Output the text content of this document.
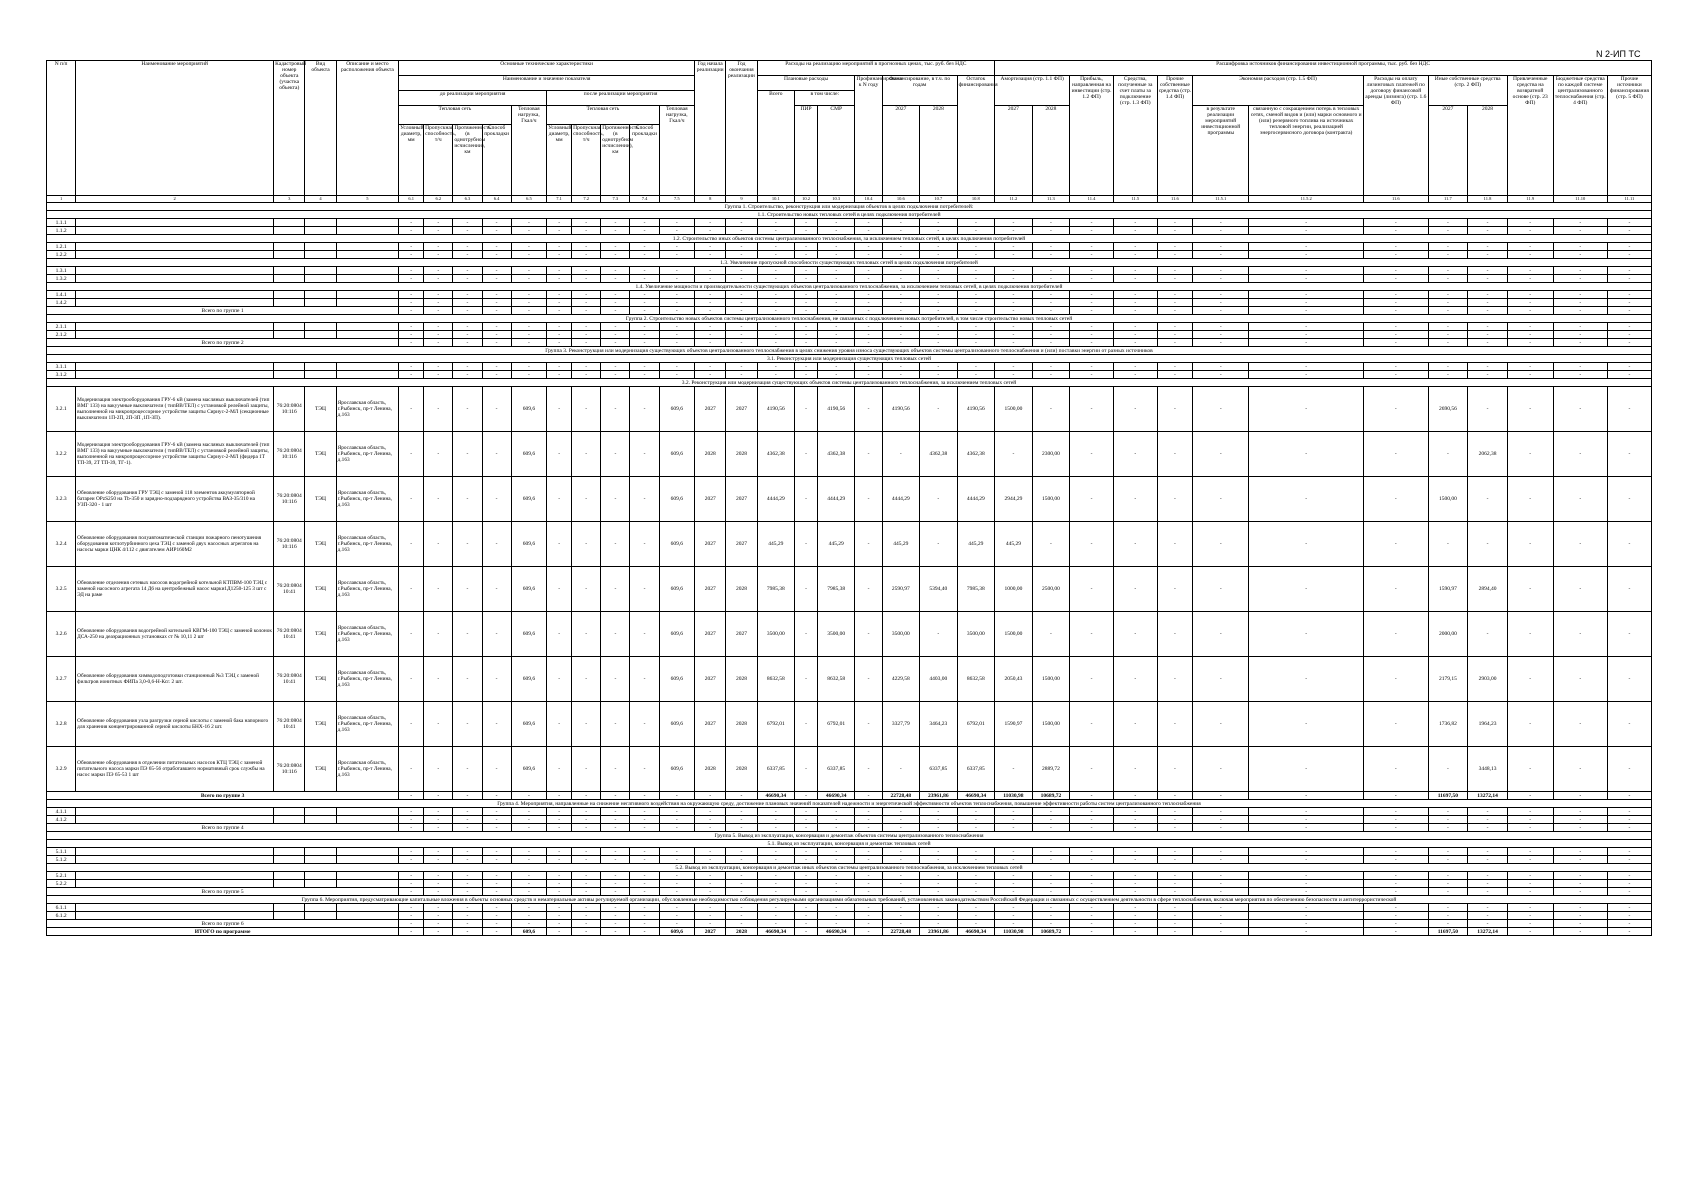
N 2-ИП ТС
N п/п	Наименование мероприятий	Кадастровый номер объекта (участка объекта)	Вид объекта	Описание и место расположения объекта	Основные технические характеристики										Год начала реализации	Год окончания реализации	Расходы на реализацию мероприятий в прогнозных ценах, тыс. руб. без НДС							Расшифровка источников финансирования инвестиционной программы, тыс. руб. без НДС												
					Наименование и значение показателя												Плановые расходы			Профинансировано к N году	Финансирование, в т.ч. по годам		Остаток финансирования	Амортизация (стр. 1.1 ФП)		Прибыль, направленная на инвестиции (стр. 1.2 ФП)	Средства, полученные за счет платы за подключение (стр. 1.3 ФП)	Прочие собственные средства (стр. 1.4 ФП)	Экономия расходов (стр. 1.5 ФП)		Расходы на оплату лизинговых платежей по договору финансовой аренды (лизинга) (стр. 1.6 ФП)	Иные собственные средства (стр. 2 ФП)		Привлеченные средства на возвратной основе (стр. 23 ФП)	Бюджетные средства по каждой системе централизованного теплоснабжения (стр. 4 ФП)	Прочие источники финансирования (стр. 5 ФП)
					до реализации мероприятия					после реализации мероприятия							Всего	в том числе:																		
					Тепловая сеть				Тепловая нагрузка, Гкал/ч	Тепловая сеть				Тепловая нагрузка, Гкал/ч				ПИР	СМР		2027	2028		2027	2028				в результате реализации мероприятий инвестиционной программы	связанную с сокращением потерь в тепловых сетях, сменой видов и (или) марки основного и (или) резервного топлива на источниках тепловой энергии, реализацией энергосервисного договора (контракта)		2027	2028			
					Условный диаметр, мм	Пропускная способность, т/ч	Протяженность (в однотрубном исчислении), км	Способ прокладки		Условный диаметр, мм	Пропускная способность, т/ч	Протяженность (в однотрубном исчислении), км	Способ прокладки																							
1	2	3	4	5	6.1	6.2	6.3	6.4	6.5	7.1	7.2	7.3	7.4	7.5	8	9	10.1	10.2	10.3	10.4	10.6	10.7	10.8	11.2	11.3	11.4	11.5	11.6	11.5.1	11.5.2	11.6	11.7	11.8	11.9	11.10	11.11
Группа 1. Строительство, реконструкция или модернизация объектов в целях подключения потребителей:																																				
1.1. Строительство новых тепловых сетей в целях подключения потребителей																																				
1.1.1					-	-	-	-	-	-	-	-	-	-	-	-	-	-	-	-	-	-	-	-	-	-	-	-	-	-	-	-	-	-	-	-
1.1.2					-	-	-	-	-	-	-	-	-	-	-	-	-	-	-	-	-	-	-	-	-	-	-	-	-	-	-	-	-	-	-	-
1.2. Строительство иных объектов системы централизованного теплоснабжения, за исключением тепловых сетей, в целях подключения потребителей																																				
1.2.1					-	-	-	-	-	-	-	-	-	-	-	-	-	-	-	-	-	-	-	-	-	-	-	-	-	-	-	-	-	-	-	-
1.2.2					-	-	-	-	-	-	-	-	-	-	-	-	-	-	-	-	-	-	-	-	-	-	-	-	-	-	-	-	-	-	-	-
1.3. Увеличение пропускной способности существующих тепловых сетей в целях подключения потребителей																																				
1.3.1					-	-	-	-	-	-	-	-	-	-	-	-	-	-	-	-	-	-	-	-	-	-	-	-	-	-	-	-	-	-	-	-
1.3.2					-	-	-	-	-	-	-	-	-	-	-	-	-	-	-	-	-	-	-	-	-	-	-	-	-	-	-	-	-	-	-	-
1.4. Увеличение мощности и производительности существующих объектов централизованного теплоснабжения, за исключением тепловых сетей, в целях подключения потребителей																																				
1.4.1					-	-	-	-	-	-	-	-	-	-	-	-	-	-	-	-	-	-	-	-	-	-	-	-	-	-	-	-	-	-	-	-
1.4.2					-	-	-	-	-	-	-	-	-	-	-	-	-	-	-	-	-	-	-	-	-	-	-	-	-	-	-	-	-	-	-	-
Всего по группе 1					-	-	-	-	-	-	-	-	-	-	-	-	-	-	-	-	-	-	-	-	-	-	-	-	-	-	-	-	-	-	-	-
Группа 2. Строительство новых объектов системы централизованного теплоснабжения, не связанных с подключением новых потребителей, в том числе строительство новых тепловых сетей																																				
2.1.1					-	-	-	-	-	-	-	-	-	-	-	-	-	-	-	-	-	-	-	-	-	-	-	-	-	-	-	-	-	-	-	-
2.1.2					-	-	-	-	-	-	-	-	-	-	-	-	-	-	-	-	-	-	-	-	-	-	-	-	-	-	-	-	-	-	-	-
Всего по группе 2					-	-	-	-	-	-	-	-	-	-	-	-	-	-	-	-	-	-	-	-	-	-	-	-	-	-	-	-	-	-	-	-
Группа 3. Реконструкция или модернизация существующих объектов централизованного теплоснабжения в целях снижения уровня износа существующих объектов системы централизованного теплоснабжения и (или) поставки энергии от разных источников																																				
3.1. Реконструкция или модернизация существующих тепловых сетей																																				
3.1.1					-	-	-	-	-	-	-	-	-	-	-	-	-	-	-	-	-	-	-	-	-	-	-	-	-	-	-	-	-	-	-	-
3.1.2					-	-	-	-	-	-	-	-	-	-	-	-	-	-	-	-	-	-	-	-	-	-	-	-	-	-	-	-	-	-	-	-
3.2. Реконструкция или модернизация существующих объектов системы централизованного теплоснабжения, за исключением тепловых сетей																																				
3.2.1	Модернизация электрооборудования ГРУ-6 кВ (замена масляных выключателей (тип ВМГ 133) на вакуумные выключатели ( типВВ/ТЕЛ) с установкой релейной защиты, выполненной на микропроцессорное устройстве защиты Сириус-2-МЛ (секционные выключатели 1П-2П, 2П-3П ,1П-3П).	76:20:0804 10:116	ТЭЦ	Ярославская область, г.Рыбинск, пр-т Ленина, д.163	-	-	-	-	609,6	-	-	-	-	609,6	2027	2027	4190,56	-	4190,56	-	4190,56	-	4190,56	1500,00	-	-	-	-	-	-	-	2690,56	-	-	-	-
3.2.2	Модернизация электрооборудования ГРУ-6 кВ (замена масляных выключателей (тип ВМГ 133) на вакуумные выключатели ( типВВ/ТЕЛ) с установкой релейной защиты, выполненной на микропроцессорное устройстве защиты Сириус-2-МЛ (фидера 1Т ТП-39, 2Т ТП-39, ТГ-1).	76:20:0804 10:116	ТЭЦ	Ярославская область, г.Рыбинск, пр-т Ленина, д.163	-	-	-	-	609,6	-	-	-	-	609,6	2028	2028	4362,38	-	4362,38	-	-	4362,38	4362,38	-	2300,00	-	-	-	-	-	-	-	2062,38	-	-	-
3.2.3	Обновление оборудования ГРУ ТЭЦ с заменой 118 элементов аккумуляторной батареи OPzS250 на Tb-350 и зарядно-подзарядного устройства ВАЗ-35/310 на УЗП-320 - 1 шт	76:20:0804 10:116	ТЭЦ	Ярославская область, г.Рыбинск, пр-т Ленина, д.163	-	-	-	-	609,6	-	-	-	-	609,6	2027	2027	4444,29	-	4444,29	-	4444,29	-	4444,29	2944,29	1500,00	-	-	-	-	-	-	1500,00	-	-	-	-
3.2.4	Обновление оборудования полуавтоматической станции пожарного пенотушения оборудования котлотурбинного цеха ТЭЦ с заменой двух насосных агрегатов на насосы марки ЦНК 4/112 с двигателем АИР160М2	76:20:0804 10:116	ТЭЦ	Ярославская область, г.Рыбинск, пр-т Ленина, д.163	-	-	-	-	609,6	-	-	-	-	609,6	2027	2027	445,29	-	445,29	-	445,29	-	445,29	445,29	-	-	-	-	-	-	-	-	-	-	-	-
3.2.5	Обновление отделения сетевых насосов водогрейной котельной КТПВМ-100 ТЭЦ с заменой насосного агрегата 14 Д6 на центробежный насос марки1Д1250-125 3 шт с ЭД на раме	76:20:0804 10:41	ТЭЦ	Ярославская область, г.Рыбинск, пр-т Ленина, д.163	-	-	-	-	609,6	-	-	-	-	609,6	2027	2028	7985,38	-	7985,38	-	2590,97	5394,40	7985,38	1000,00	2500,00	-	-	-	-	-	-	1590,97	2894,40	-	-	-
3.2.6	Обновление оборудования водогрейной котельной КВГМ-100 ТЭЦ с заменой колонок ДСА-250 на деаэрационных установках ст № 10,11 2 шт	76:20:0804 10:41	ТЭЦ	Ярославская область, г.Рыбинск, пр-т Ленина, д.163	-	-	-	-	609,6	-	-	-	-	609,6	2027	2027	3500,00	-	3500,00	-	3500,00	-	3500,00	1500,00	-	-	-	-	-	-	-	2000,00	-	-	-	-
3.2.7	Обновление оборудования химводоподготовки станционный №3 ТЭЦ с заменой фильтров ионитных ФИПа 3,0-0,6-Н-Ксг. 2 шт.	76:20:0804 10:41	ТЭЦ	Ярославская область, г.Рыбинск, пр-т Ленина, д.163	-	-	-	-	609,6	-	-	-	-	609,6	2027	2028	8632,58	-	8632,58	-	4229,58	4403,00	8632,58	2050,43	1500,00	-	-	-	-	-	-	2179,15	2903,00	-	-	-
3.2.8	Обновление оборудования узла разгрузки серной кислоты с заменой бака напорного для хранения концентрированной серной кислоты БНХ-16 2 шт.	76:20:0804 10:41	ТЭЦ	Ярославская область, г.Рыбинск, пр-т Ленина, д.163	-	-	-	-	609,6	-	-	-	-	609,6	2027	2028	6792,01	-	6792,01	-	3327,79	3464,23	6792,01	1590,97	1500,00	-	-	-	-	-	-	1736,82	1964,23	-	-	-
3.2.9	Обновление оборудования в отделении питательных насосов КТЦ ТЭЦ с заменой питательного насоса марки ПЭ 65-56 отработавшего нормативный срок службы на насос марки ПЭ 65-53 1 шт	76:20:0804 10:116	ТЭЦ	Ярославская область, г.Рыбинск, пр-т Ленина, д.163	-	-	-	-	609,6	-	-	-	-	609,6	2028	2028	6337,85	-	6337,85	-	-	6337,85	6337,85	-	2889,72	-	-	-	-	-	-	-	3448,13	-	-	-
Всего по группе 3					-	-	-	-	-	-	-	-	-	-	-	-	46690,34	-	46690,34	-	22728,48	23961,86	46690,34	11030,98	10689,72	-	-	-	-	-	-	11697,50	13272,14	-	-	-
Группа 4. Мероприятия, направленные на снижение негативного воздействия на окружающую среду, достижение плановых значений показателей надежности и энергетической эффективности объектов теплоснабжения, повышение эффективности работы систем централизованного теплоснабжения																																				
4.1.1					-	-	-	-	-	-	-	-	-	-	-	-	-	-	-	-	-	-	-	-	-	-	-	-	-	-	-	-	-	-	-	-
4.1.2					-	-	-	-	-	-	-	-	-	-	-	-	-	-	-	-	-	-	-	-	-	-	-	-	-	-	-	-	-	-	-	-
Всего по группе 4					-	-	-	-	-	-	-	-	-	-	-	-	-	-	-	-	-	-	-	-	-	-	-	-	-	-	-	-	-	-	-	-
Группа 5. Вывод из эксплуатации, консервация и демонтаж объектов системы централизованного теплоснабжения																																				
5.1. Вывод из эксплуатации, консервация и демонтаж тепловых сетей																																				
5.1.1					-	-	-	-	-	-	-	-	-	-	-	-	-	-	-	-	-	-	-	-	-	-	-	-	-	-	-	-	-	-	-	-
5.1.2					-	-	-	-	-	-	-	-	-	-	-	-	-	-	-	-	-	-	-	-	-	-	-	-	-	-	-	-	-	-	-	-
5.2. Вывод из эксплуатации, консервация и демонтаж иных объектов системы централизованного теплоснабжения, за исключением тепловых сетей																																				
5.2.1					-	-	-	-	-	-	-	-	-	-	-	-	-	-	-	-	-	-	-	-	-	-	-	-	-	-	-	-	-	-	-	-
5.2.2					-	-	-	-	-	-	-	-	-	-	-	-	-	-	-	-	-	-	-	-	-	-	-	-	-	-	-	-	-	-	-	-
Всего по группе 5					-	-	-	-	-	-	-	-	-	-	-	-	-	-	-	-	-	-	-	-	-	-	-	-	-	-	-	-	-	-	-	-
Группа 6. Мероприятия, предусматривающие капитальные вложения в объекты основных средств и нематериальные активы регулируемой организации, обусловленные необходимостью соблюдения регулируемыми организациями обязательных требований, установленных законодательством Российской Федерации и связанных с осуществлением деятельности в сфере теплоснабжения, включая мероприятия по обеспечению безопасности и антитеррористической																																				
6.1.1					-	-	-	-	-	-	-	-	-	-	-	-	-	-	-	-	-	-	-	-	-	-	-	-	-	-	-	-	-	-	-	-
6.1.2					-	-	-	-	-	-	-	-	-	-	-	-	-	-	-	-	-	-	-	-	-	-	-	-	-	-	-	-	-	-	-	-
Всего по группе 6					-	-	-	-	-	-	-	-	-	-	-	-	-	-	-	-	-	-	-	-	-	-	-	-	-	-	-	-	-	-	-	-
ИТОГО по программе					-	-	-	-	609,6	-	-	-	-	609,6	2027	2028	46690,34	-	46690,34	-	22728,48	23961,86	46690,34	11030,98	10689,72	-	-	-	-	-	-	11697,50	13272,14	-	-	-
